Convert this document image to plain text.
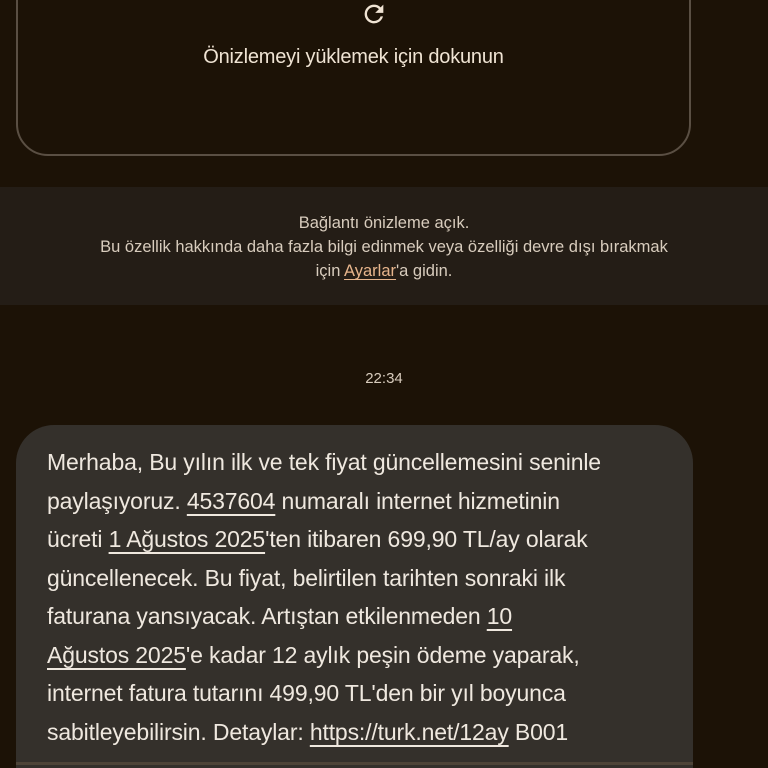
Önizlemeyi yüklemek için dokunun
Bağlantı önizleme açık.
Bu özellik hakkında daha fazla bilgi edinmek veya özelliği devre dışı bırakmak
için Ayarlar'a gidin.
22:34
Merhaba, Bu yılın ilk ve tek fiyat güncellemesini seninle
paylaşıyoruz. 4537604 numaralı internet hizmetinin
ücreti 1 Ağustos 2025'ten itibaren 699,90 TL/ay olarak
güncellenecek. Bu fiyat, belirtilen tarihten sonraki ilk
faturana yansıyacak. Artıştan etkilenmeden 10
Ağustos 2025'e kadar 12 aylık peşin ödeme yaparak,
internet fatura tutarını 499,90 TL'den bir yıl boyunca
sabitleyebilirsin. Detaylar: https://turk.net/12ay B001
